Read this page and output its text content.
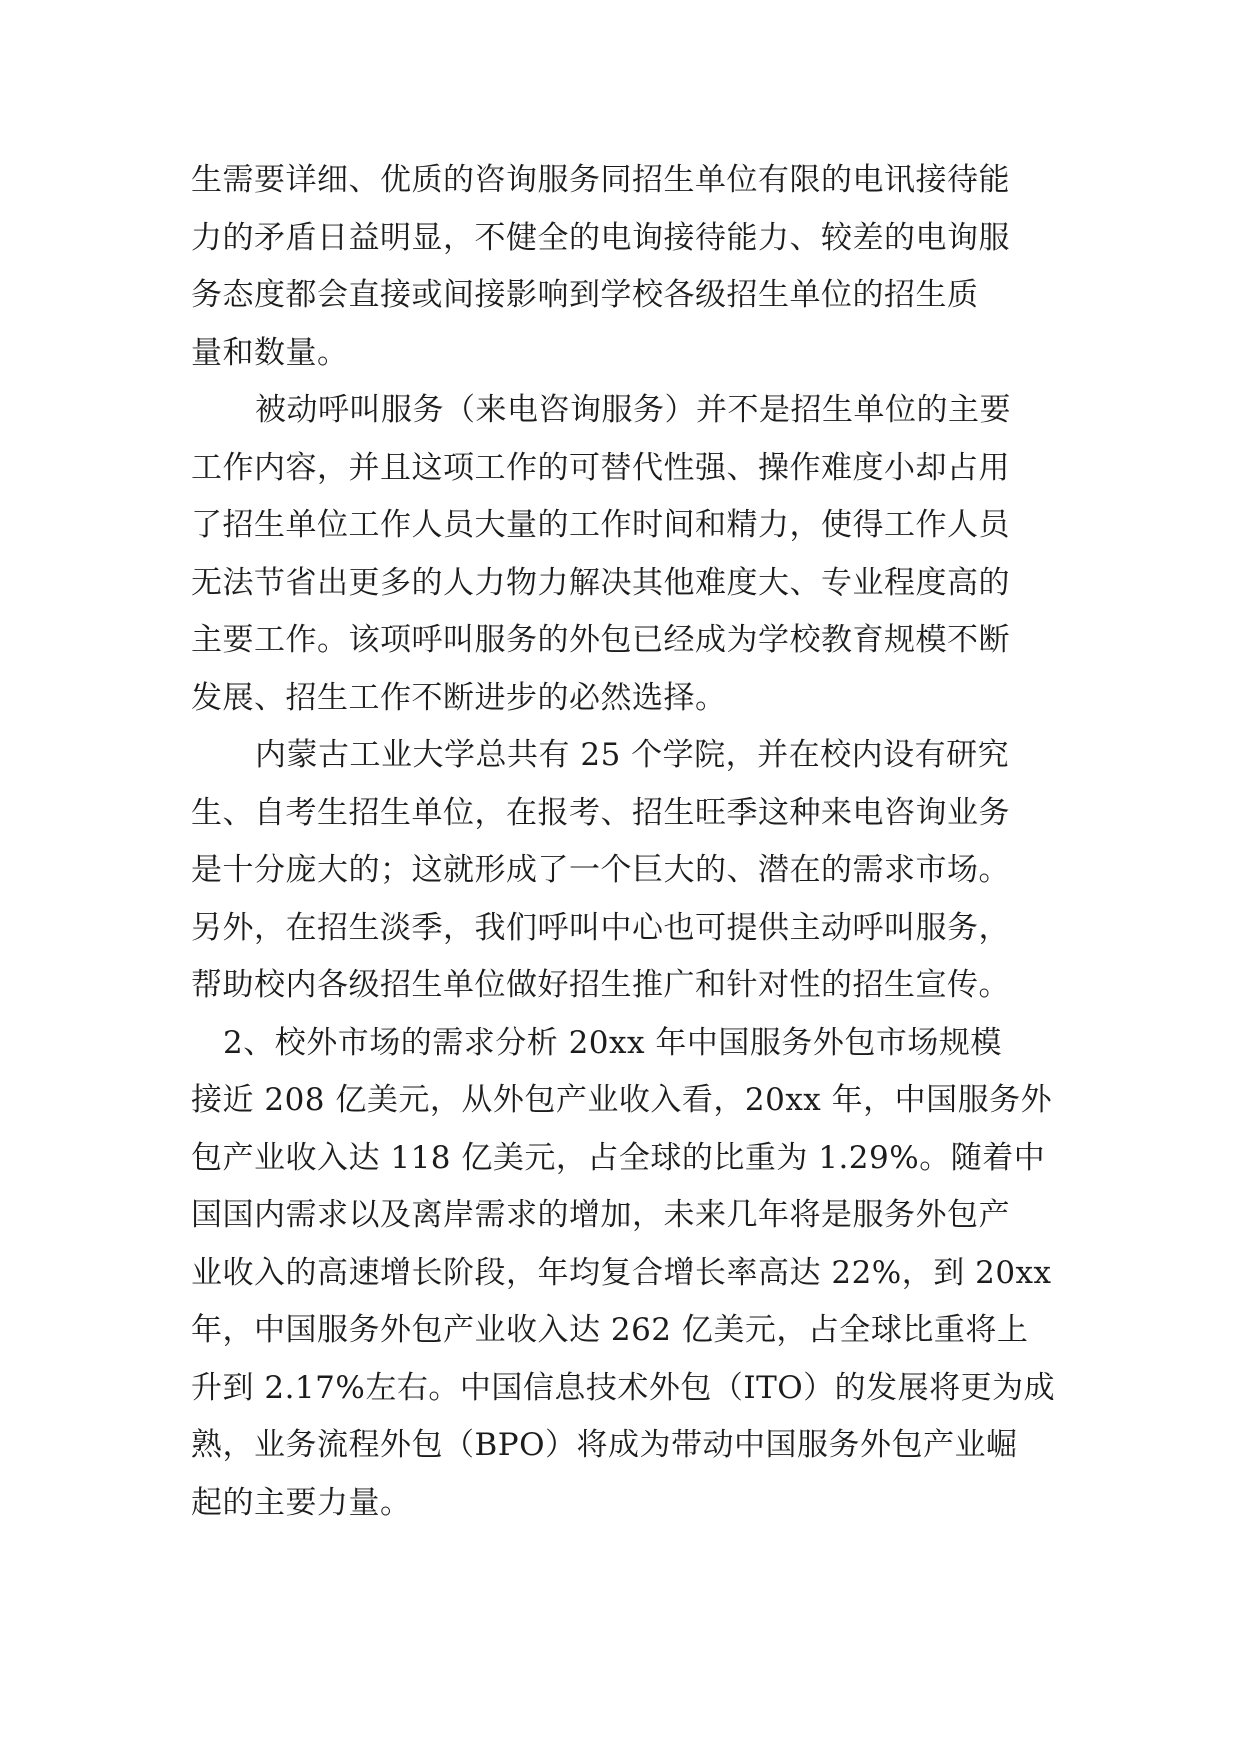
生需要详细、优质的咨询服务同招生单位有限的电讯接待能
力的矛盾日益明显，不健全的电询接待能力、较差的电询服
务态度都会直接或间接影响到学校各级招生单位的招生质
量和数量。
被动呼叫服务（来电咨询服务）并不是招生单位的主要
工作内容，并且这项工作的可替代性强、操作难度小却占用
了招生单位工作人员大量的工作时间和精力，使得工作人员
无法节省出更多的人力物力解决其他难度大、专业程度高的
主要工作。该项呼叫服务的外包已经成为学校教育规模不断
发展、招生工作不断进步的必然选择。
内蒙古工业大学总共有 25 个学院，并在校内设有研究
生、自考生招生单位，在报考、招生旺季这种来电咨询业务
是十分庞大的；这就形成了一个巨大的、潜在的需求市场。
另外，在招生淡季，我们呼叫中心也可提供主动呼叫服务，
帮助校内各级招生单位做好招生推广和针对性的招生宣传。
2、校外市场的需求分析 20xx 年中国服务外包市场规模
接近 208 亿美元，从外包产业收入看，20xx 年，中国服务外
包产业收入达 118 亿美元，占全球的比重为 1.29%。随着中
国国内需求以及离岸需求的增加，未来几年将是服务外包产
业收入的高速增长阶段，年均复合增长率高达 22%，到 20xx
年，中国服务外包产业收入达 262 亿美元，占全球比重将上
升到 2.17%左右。中国信息技术外包（ITO）的发展将更为成
熟，业务流程外包（BPO）将成为带动中国服务外包产业崛
起的主要力量。
